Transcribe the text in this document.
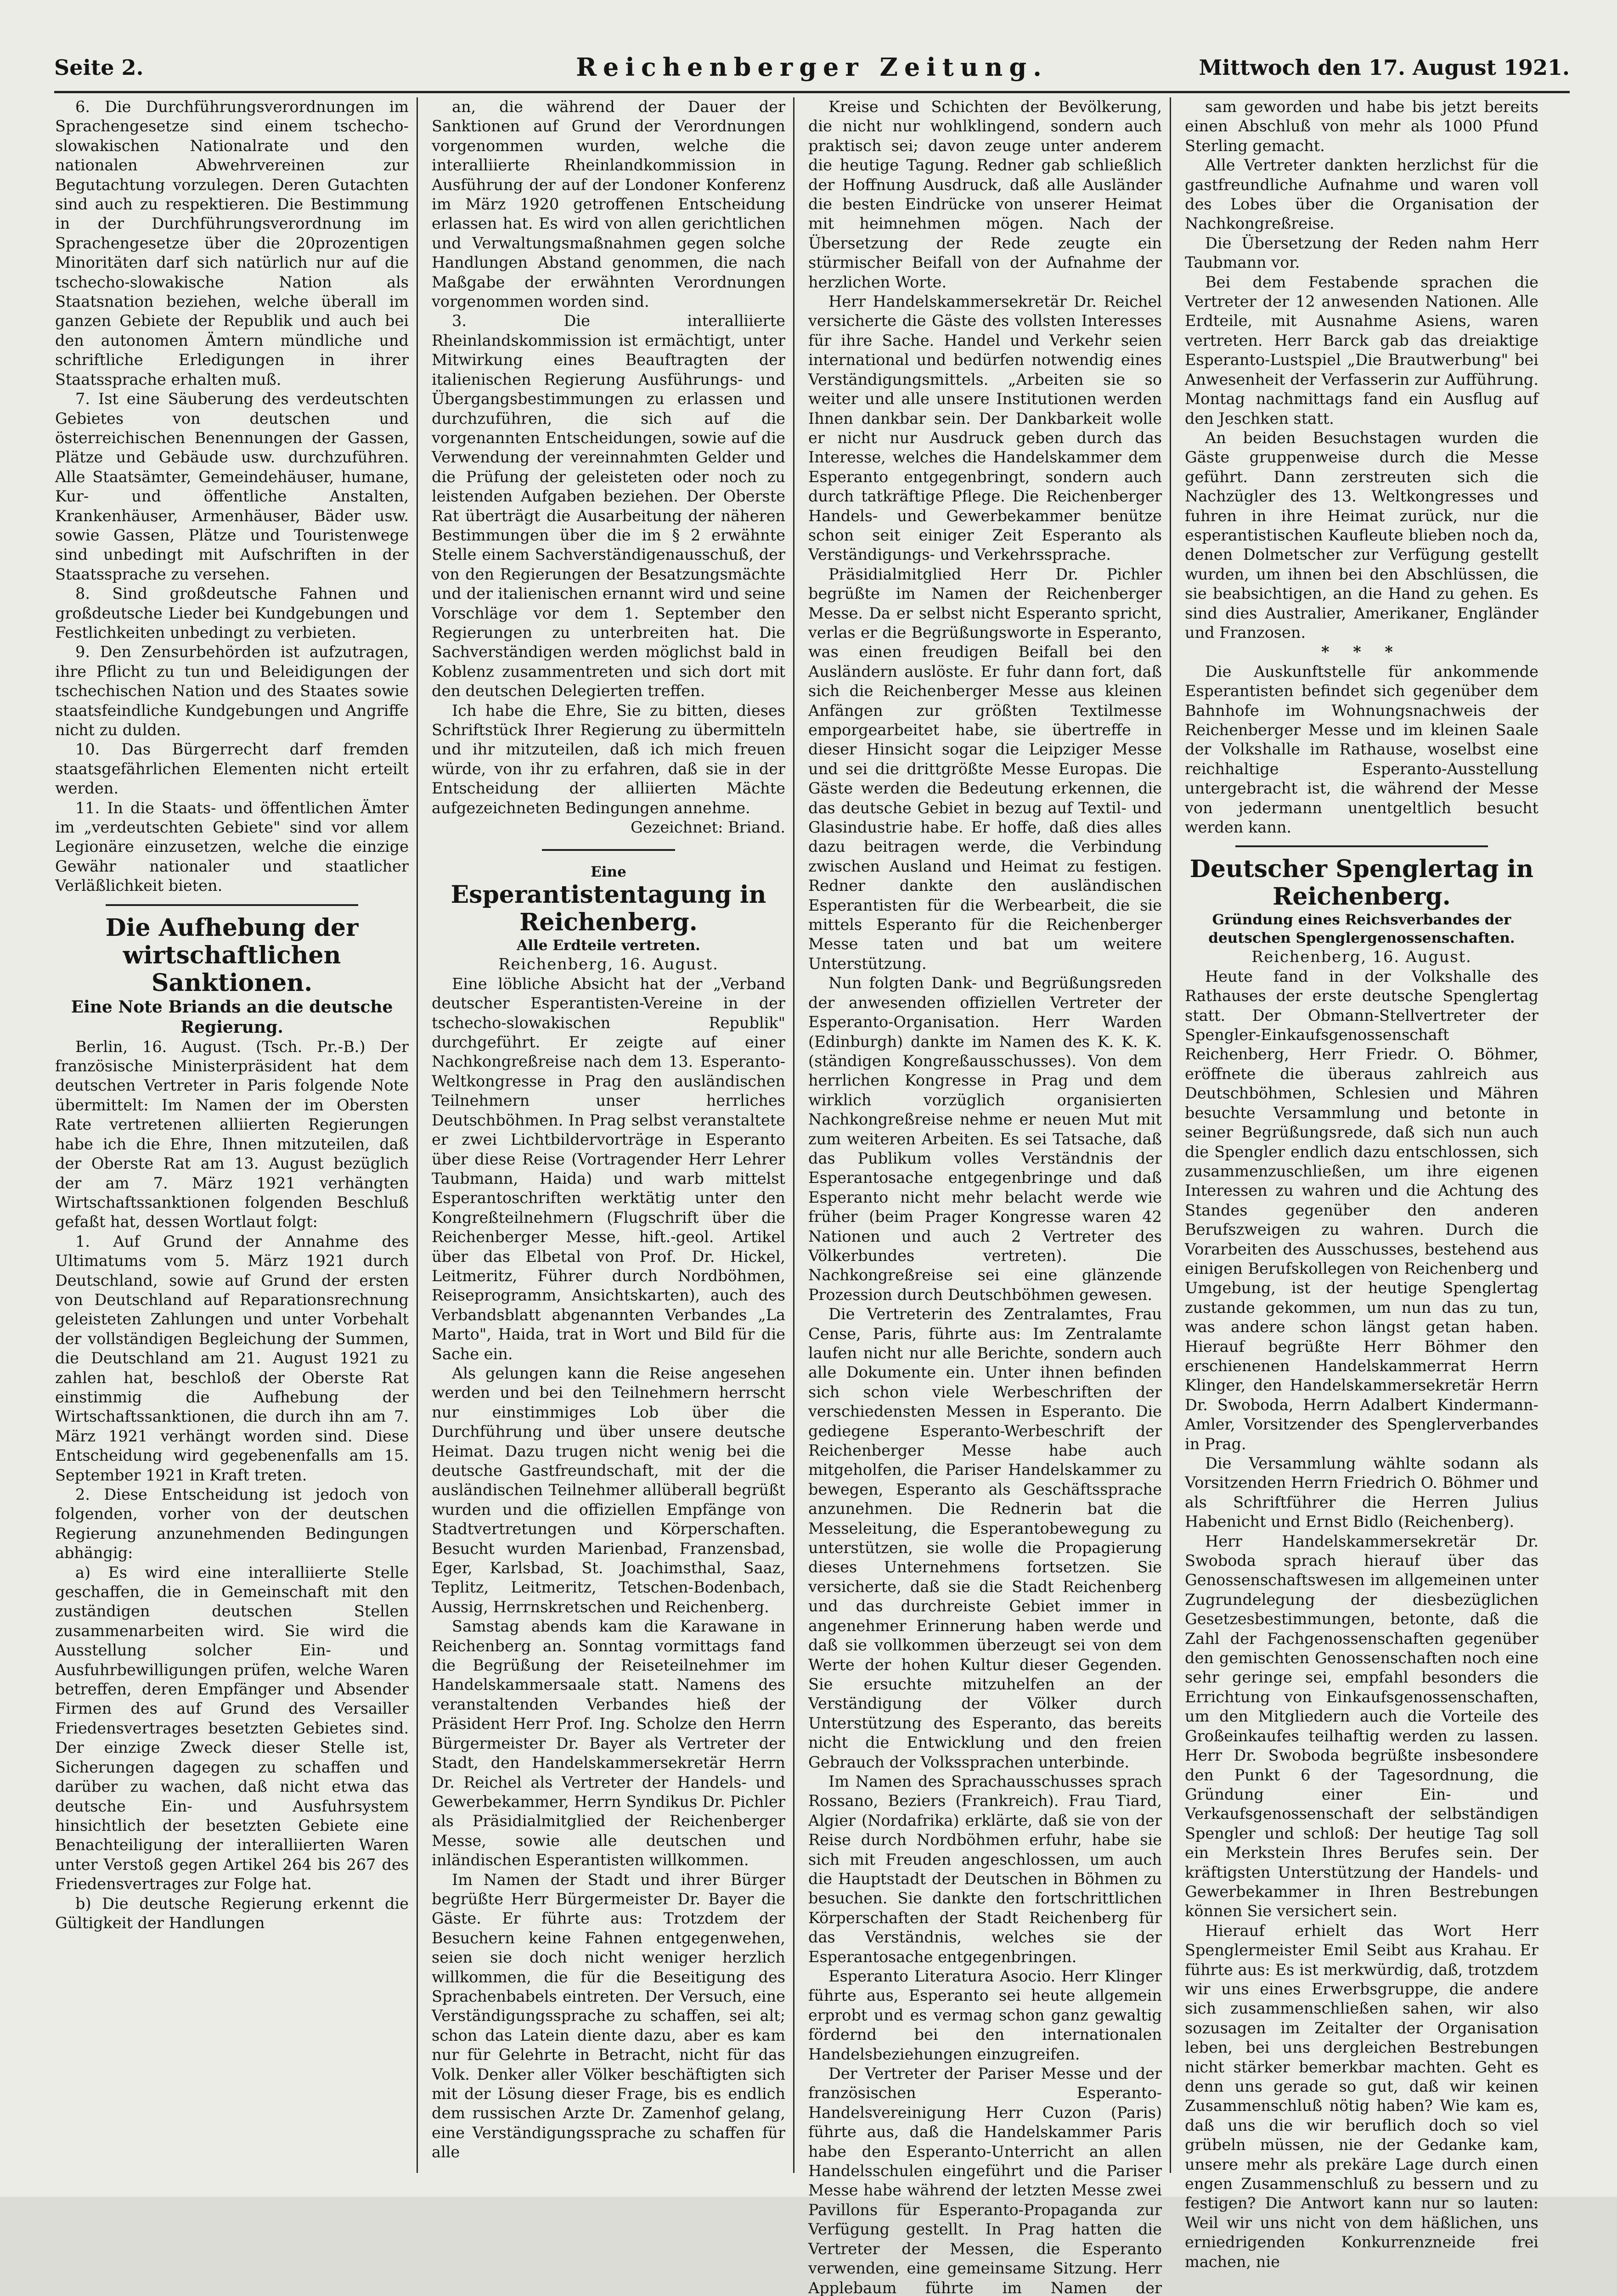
Seite 2.	Reichenberger Zeitung.	Mittwoch den 17. August 1921.

6. Die Durchführungsverordnungen im Sprachengesetze sind einem tschecho-slowakischen Nationalrate und den nationalen Abwehrvereinen zur Begutachtung vorzulegen. Deren Gutachten sind auch zu respektieren. Die Bestimmung in der Durchführungsverordnung im Sprachengesetze über die 20prozentigen Minoritäten darf sich natürlich nur auf die tschecho-slowakische Nation als Staatsnation beziehen, welche überall im ganzen Gebiete der Republik und auch bei den autonomen Ämtern mündliche und schriftliche Erledigungen in ihrer Staatssprache erhalten muß.

7. Ist eine Säuberung des verdeutschten Gebietes von deutschen und österreichischen Benennungen der Gassen, Plätze und Gebäude usw. durchzuführen. Alle Staatsämter, Gemeindehäuser, humane, Kur- und öffentliche Anstalten, Krankenhäuser, Armenhäuser, Bäder usw. sowie Gassen, Plätze und Touristenwege sind unbedingt mit Aufschriften in der Staatssprache zu versehen.

8. Sind großdeutsche Fahnen und großdeutsche Lieder bei Kundgebungen und Festlichkeiten unbedingt zu verbieten.

9. Den Zensurbehörden ist aufzutragen, ihre Pflicht zu tun und Beleidigungen der tschechischen Nation und des Staates sowie staatsfeindliche Kundgebungen und Angriffe nicht zu dulden.

10. Das Bürgerrecht darf fremden staatsgefährlichen Elementen nicht erteilt werden.

11. In die Staats- und öffentlichen Ämter im „verdeutschten Gebiete" sind vor allem Legionäre einzusetzen, welche die einzige Gewähr nationaler und staatlicher Verläßlichkeit bieten.

Die Aufhebung der wirtschaftlichen Sanktionen.

Eine Note Briands an die deutsche Regierung.

Berlin, 16. August. (Tsch. Pr.-B.) Der französische Ministerpräsident hat dem deutschen Vertreter in Paris folgende Note übermittelt: Im Namen der im Obersten Rate vertretenen alliierten Regierungen habe ich die Ehre, Ihnen mitzuteilen, daß der Oberste Rat am 13. August bezüglich der am 7. März 1921 verhängten Wirtschaftssanktionen folgenden Beschluß gefaßt hat, dessen Wortlaut folgt:

1. Auf Grund der Annahme des Ultimatums vom 5. März 1921 durch Deutschland, sowie auf Grund der ersten von Deutschland auf Reparationsrechnung geleisteten Zahlungen und unter Vorbehalt der vollständigen Begleichung der Summen, die Deutschland am 21. August 1921 zu zahlen hat, beschloß der Oberste Rat einstimmig die Aufhebung der Wirtschaftssanktionen, die durch ihn am 7. März 1921 verhängt worden sind. Diese Entscheidung wird gegebenenfalls am 15. September 1921 in Kraft treten.

2. Diese Entscheidung ist jedoch von folgenden, vorher von der deutschen Regierung anzunehmenden Bedingungen abhängig:

a) Es wird eine interalliierte Stelle geschaffen, die in Gemeinschaft mit den zuständigen deutschen Stellen zusammenarbeiten wird. Sie wird die Ausstellung solcher Ein- und Ausfuhrbewilligungen prüfen, welche Waren betreffen, deren Empfänger und Absender Firmen des auf Grund des Versailler Friedensvertrages besetzten Gebietes sind. Der einzige Zweck dieser Stelle ist, Sicherungen dagegen zu schaffen und darüber zu wachen, daß nicht etwa das deutsche Ein- und Ausfuhrsystem hinsichtlich der besetzten Gebiete eine Benachteiligung der interalliierten Waren unter Verstoß gegen Artikel 264 bis 267 des Friedensvertrages zur Folge hat.

b) Die deutsche Regierung erkennt die Gültigkeit der Handlungen

an, die während der Dauer der Sanktionen auf Grund der Verordnungen vorgenommen wurden, welche die interalliierte Rheinlandkommission in Ausführung der auf der Londoner Konferenz im März 1920 getroffenen Entscheidung erlassen hat. Es wird von allen gerichtlichen und Verwaltungsmaßnahmen gegen solche Handlungen Abstand genommen, die nach Maßgabe der erwähnten Verordnungen vorgenommen worden sind.

3. Die interalliierte Rheinlandskommission ist ermächtigt, unter Mitwirkung eines Beauftragten der italienischen Regierung Ausführungs- und Übergangsbestimmungen zu erlassen und durchzuführen, die sich auf die vorgenannten Entscheidungen, sowie auf die Verwendung der vereinnahmten Gelder und die Prüfung der geleisteten oder noch zu leistenden Aufgaben beziehen. Der Oberste Rat überträgt die Ausarbeitung der näheren Bestimmungen über die im § 2 erwähnte Stelle einem Sachverständigenausschuß, der von den Regierungen der Besatzungsmächte und der italienischen ernannt wird und seine Vorschläge vor dem 1. September den Regierungen zu unterbreiten hat. Die Sachverständigen werden möglichst bald in Koblenz zusammentreten und sich dort mit den deutschen Delegierten treffen.

Ich habe die Ehre, Sie zu bitten, dieses Schriftstück Ihrer Regierung zu übermitteln und ihr mitzuteilen, daß ich mich freuen würde, von ihr zu erfahren, daß sie in der Entscheidung der alliierten Mächte aufgezeichneten Bedingungen annehme.

Gezeichnet: Briand.

Eine

Esperantistentagung in Reichenberg.

Alle Erdteile vertreten.

Reichenberg, 16. August.

Eine löbliche Absicht hat der „Verband deutscher Esperantisten-Vereine in der tschecho-slowakischen Republik" durchgeführt. Er zeigte auf einer Nachkongreßreise nach dem 13. Esperanto-Weltkongresse in Prag den ausländischen Teilnehmern unser herrliches Deutschböhmen. In Prag selbst veranstaltete er zwei Lichtbildervorträge in Esperanto über diese Reise (Vortragender Herr Lehrer Taubmann, Haida) und warb mittelst Esperantoschriften werktätig unter den Kongreßteilnehmern (Flugschrift über die Reichenberger Messe, hift.-geol. Artikel über das Elbetal von Prof. Dr. Hickel, Leitmeritz, Führer durch Nordböhmen, Reiseprogramm, Ansichtskarten), auch des Verbandsblatt abgenannten Verbandes „La Marto", Haida, trat in Wort und Bild für die Sache ein.

Als gelungen kann die Reise angesehen werden und bei den Teilnehmern herrscht nur einstimmiges Lob über die Durchführung und über unsere deutsche Heimat. Dazu trugen nicht wenig bei die deutsche Gastfreundschaft, mit der die ausländischen Teilnehmer allüberall begrüßt wurden und die offiziellen Empfänge von Stadtvertretungen und Körperschaften. Besucht wurden Marienbad, Franzensbad, Eger, Karlsbad, St. Joachimsthal, Saaz, Teplitz, Leitmeritz, Tetschen-Bodenbach, Aussig, Herrnskretschen und Reichenberg.

Samstag abends kam die Karawane in Reichenberg an. Sonntag vormittags fand die Begrüßung der Reiseteilnehmer im Handelskammersaale statt. Namens des veranstaltenden Verbandes hieß der Präsident Herr Prof. Ing. Scholze den Herrn Bürgermeister Dr. Bayer als Vertreter der Stadt, den Handelskammersekretär Herrn Dr. Reichel als Vertreter der Handels- und Gewerbekammer, Herrn Syndikus Dr. Pichler als Präsidialmitglied der Reichenberger Messe, sowie alle deutschen und inländischen Esperantisten willkommen.

Im Namen der Stadt und ihrer Bürger begrüßte Herr Bürgermeister Dr. Bayer die Gäste. Er führte aus: Trotzdem der Besuchern keine Fahnen entgegenwehen, seien sie doch nicht weniger herzlich willkommen, die für die Beseitigung des Sprachenbabels eintreten. Der Versuch, eine Verständigungssprache zu schaffen, sei alt; schon das Latein diente dazu, aber es kam nur für Gelehrte in Betracht, nicht für das Volk. Denker aller Völker beschäftigten sich mit der Lösung dieser Frage, bis es endlich dem russischen Arzte Dr. Zamenhof gelang, eine Verständigungssprache zu schaffen für alle

Kreise und Schichten der Bevölkerung, die nicht nur wohlklingend, sondern auch praktisch sei; davon zeuge unter anderem die heutige Tagung. Redner gab schließlich der Hoffnung Ausdruck, daß alle Ausländer die besten Eindrücke von unserer Heimat mit heimnehmen mögen. Nach der Übersetzung der Rede zeugte ein stürmischer Beifall von der Aufnahme der herzlichen Worte.

Herr Handelskammersekretär Dr. Reichel versicherte die Gäste des vollsten Interesses für ihre Sache. Handel und Verkehr seien international und bedürfen notwendig eines Verständigungsmittels. „Arbeiten sie so weiter und alle unsere Institutionen werden Ihnen dankbar sein. Der Dankbarkeit wolle er nicht nur Ausdruck geben durch das Interesse, welches die Handelskammer dem Esperanto entgegenbringt, sondern auch durch tatkräftige Pflege. Die Reichenberger Handels- und Gewerbekammer benütze schon seit einiger Zeit Esperanto als Verständigungs- und Verkehrssprache.

Präsidialmitglied Herr Dr. Pichler begrüßte im Namen der Reichenberger Messe. Da er selbst nicht Esperanto spricht, verlas er die Begrüßungsworte in Esperanto, was einen freudigen Beifall bei den Ausländern auslöste. Er fuhr dann fort, daß sich die Reichenberger Messe aus kleinen Anfängen zur größten Textilmesse emporgearbeitet habe, sie übertreffe in dieser Hinsicht sogar die Leipziger Messe und sei die drittgrößte Messe Europas. Die Gäste werden die Bedeutung erkennen, die das deutsche Gebiet in bezug auf Textil- und Glasindustrie habe. Er hoffe, daß dies alles dazu beitragen werde, die Verbindung zwischen Ausland und Heimat zu festigen. Redner dankte den ausländischen Esperantisten für die Werbearbeit, die sie mittels Esperanto für die Reichenberger Messe taten und bat um weitere Unterstützung.

Nun folgten Dank- und Begrüßungsreden der anwesenden offiziellen Vertreter der Esperanto-Organisation. Herr Warden (Edinburgh) dankte im Namen des K. K. K. (ständigen Kongreßausschusses). Von dem herrlichen Kongresse in Prag und dem wirklich vorzüglich organisierten Nachkongreßreise nehme er neuen Mut mit zum weiteren Arbeiten. Es sei Tatsache, daß das Publikum volles Verständnis der Esperantosache entgegenbringe und daß Esperanto nicht mehr belacht werde wie früher (beim Prager Kongresse waren 42 Nationen und auch 2 Vertreter des Völkerbundes vertreten). Die Nachkongreßreise sei eine glänzende Prozession durch Deutschböhmen gewesen.

Die Vertreterin des Zentralamtes, Frau Cense, Paris, führte aus: Im Zentralamte laufen nicht nur alle Berichte, sondern auch alle Dokumente ein. Unter ihnen befinden sich schon viele Werbeschriften der verschiedensten Messen in Esperanto. Die gediegene Esperanto-Werbeschrift der Reichenberger Messe habe auch mitgeholfen, die Pariser Handelskammer zu bewegen, Esperanto als Geschäftssprache anzunehmen. Die Rednerin bat die Messeleitung, die Esperantobewegung zu unterstützen, sie wolle die Propagierung dieses Unternehmens fortsetzen. Sie versicherte, daß sie die Stadt Reichenberg und das durchreiste Gebiet immer in angenehmer Erinnerung haben werde und daß sie vollkommen überzeugt sei von dem Werte der hohen Kultur dieser Gegenden. Sie ersuchte mitzuhelfen an der Verständigung der Völker durch Unterstützung des Esperanto, das bereits nicht die Entwicklung und den freien Gebrauch der Volkssprachen unterbinde.

Im Namen des Sprachausschusses sprach Rossano, Beziers (Frankreich). Frau Tiard, Algier (Nordafrika) erklärte, daß sie von der Reise durch Nordböhmen erfuhr, habe sie sich mit Freuden angeschlossen, um auch die Hauptstadt der Deutschen in Böhmen zu besuchen. Sie dankte den fortschrittlichen Körperschaften der Stadt Reichenberg für das Verständnis, welches sie der Esperantosache entgegenbringen.

Esperanto Literatura Asocio. Herr Klinger führte aus, Esperanto sei heute allgemein erprobt und es vermag schon ganz gewaltig fördernd bei den internationalen Handelsbeziehungen einzugreifen.

Der Vertreter der Pariser Messe und der französischen Esperanto-Handelsvereinigung Herr Cuzon (Paris) führte aus, daß die Handelskammer Paris habe den Esperanto-Unterricht an allen Handelsschulen eingeführt und die Pariser Messe habe während der letzten Messe zwei Pavillons für Esperanto-Propaganda zur Verfügung gestellt. In Prag hatten die Vertreter der Messen, die Esperanto verwenden, eine gemeinsame Sitzung. Herr Applebaum führte im Namen der

sam geworden und habe bis jetzt bereits einen Abschluß von mehr als 1000 Pfund Sterling gemacht.

Alle Vertreter dankten herzlichst für die gastfreundliche Aufnahme und waren voll des Lobes über die Organisation der Nachkongreßreise.

Die Übersetzung der Reden nahm Herr Taubmann vor.

Bei dem Festabende sprachen die Vertreter der 12 anwesenden Nationen. Alle Erdteile, mit Ausnahme Asiens, waren vertreten. Herr Barck gab das dreiaktige Esperanto-Lustspiel „Die Brautwerbung" bei Anwesenheit der Verfasserin zur Aufführung. Montag nachmittags fand ein Ausflug auf den Jeschken statt.

An beiden Besuchstagen wurden die Gäste gruppenweise durch die Messe geführt. Dann zerstreuten sich die Nachzügler des 13. Weltkongresses und fuhren in ihre Heimat zurück, nur die esperantistischen Kaufleute blieben noch da, denen Dolmetscher zur Verfügung gestellt wurden, um ihnen bei den Abschlüssen, die sie beabsichtigen, an die Hand zu gehen. Es sind dies Australier, Amerikaner, Engländer und Franzosen.

* * *

Die Auskunftstelle für ankommende Esperantisten befindet sich gegenüber dem Bahnhofe im Wohnungsnachweis der Reichenberger Messe und im kleinen Saale der Volkshalle im Rathause, woselbst eine reichhaltige Esperanto-Ausstellung untergebracht ist, die während der Messe von jedermann unentgeltlich besucht werden kann.

Deutscher Spenglertag in Reichenberg.

Gründung eines Reichsverbandes der deutschen Spenglergenossenschaften.

Reichenberg, 16. August.

Heute fand in der Volkshalle des Rathauses der erste deutsche Spenglertag statt. Der Obmann-Stellvertreter der Spengler-Einkaufsgenossenschaft Reichenberg, Herr Friedr. O. Böhmer, eröffnete die überaus zahlreich aus Deutschböhmen, Schlesien und Mähren besuchte Versammlung und betonte in seiner Begrüßungsrede, daß sich nun auch die Spengler endlich dazu entschlossen, sich zusammenzuschließen, um ihre eigenen Interessen zu wahren und die Achtung des Standes gegenüber den anderen Berufszweigen zu wahren. Durch die Vorarbeiten des Ausschusses, bestehend aus einigen Berufskollegen von Reichenberg und Umgebung, ist der heutige Spenglertag zustande gekommen, um nun das zu tun, was andere schon längst getan haben. Hierauf begrüßte Herr Böhmer den erschienenen Handelskammerrat Herrn Klinger, den Handelskammersekretär Herrn Dr. Swoboda, Herrn Adalbert Kindermann-Amler, Vorsitzender des Spenglerverbandes in Prag.

Die Versammlung wählte sodann als Vorsitzenden Herrn Friedrich O. Böhmer und als Schriftführer die Herren Julius Habenicht und Ernst Bidlo (Reichenberg).

Herr Handelskammersekretär Dr. Swoboda sprach hierauf über das Genossenschaftswesen im allgemeinen unter Zugrundelegung der diesbezüglichen Gesetzesbestimmungen, betonte, daß die Zahl der Fachgenossenschaften gegenüber den gemischten Genossenschaften noch eine sehr geringe sei, empfahl besonders die Errichtung von Einkaufsgenossenschaften, um den Mitgliedern auch die Vorteile des Großeinkaufes teilhaftig werden zu lassen. Herr Dr. Swoboda begrüßte insbesondere den Punkt 6 der Tagesordnung, die Gründung einer Ein- und Verkaufsgenossenschaft der selbständigen Spengler und schloß: Der heutige Tag soll ein Merkstein Ihres Berufes sein. Der kräftigsten Unterstützung der Handels- und Gewerbekammer in Ihren Bestrebungen können Sie versichert sein.

Hierauf erhielt das Wort Herr Spenglermeister Emil Seibt aus Krahau. Er führte aus: Es ist merkwürdig, daß, trotzdem wir uns eines Erwerbsgruppe, die andere sich zusammenschließen sahen, wir also sozusagen im Zeitalter der Organisation leben, bei uns dergleichen Bestrebungen nicht stärker bemerkbar machten. Geht es denn uns gerade so gut, daß wir keinen Zusammenschluß nötig haben? Wie kam es, daß uns die wir beruflich doch so viel grübeln müssen, nie der Gedanke kam, unsere mehr als prekäre Lage durch einen engen Zusammenschluß zu bessern und zu festigen? Die Antwort kann nur so lauten: Weil wir uns nicht von dem häßlichen, uns erniedrigenden Konkurrenzneide frei machen, nie
